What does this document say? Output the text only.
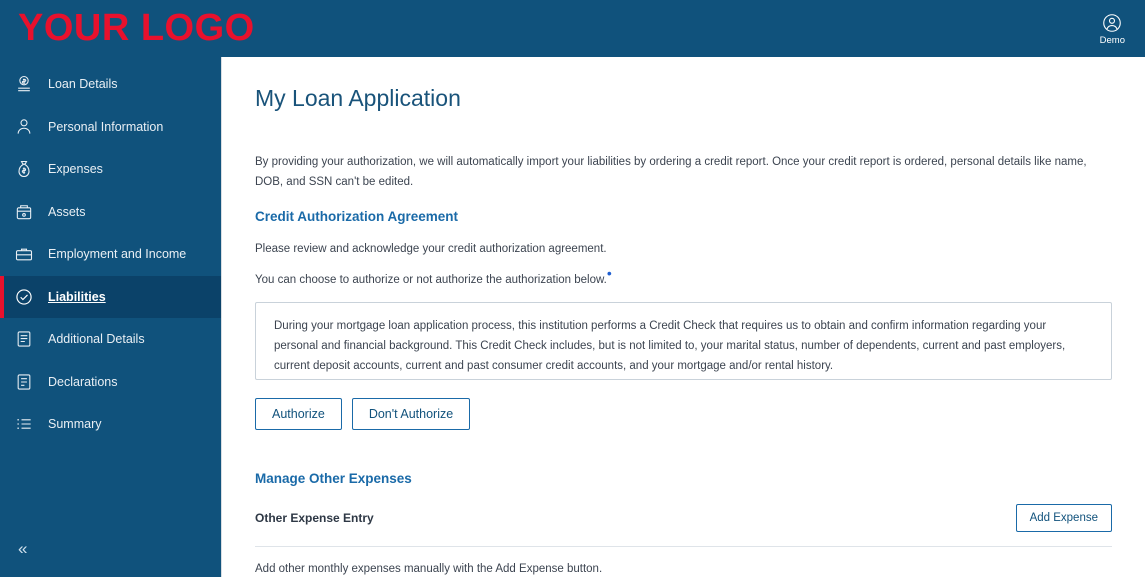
YOUR LOGO
Loan Details
Personal Information
Expenses
Assets
Employment and Income
Liabilities
Additional Details
Declarations
Summary
«
Demo
My Loan Application

By providing your authorization, we will automatically import your liabilities by ordering a credit report. Once your credit report is ordered, personal details like name, DOB, and SSN can't be edited.

Credit Authorization Agreement

Please review and acknowledge your credit authorization agreement.

You can choose to authorize or not authorize the authorization below.•

During your mortgage loan application process, this institution performs a Credit Check that requires us to obtain and confirm information regarding your personal and financial background. This Credit Check includes, but is not limited to, your marital status, number of dependents, current and past employers, current deposit accounts, current and past consumer credit accounts, and your mortgage and/or rental history.
Authorize	Don't Authorize
Manage Other Expenses
Other Expense Entry	Add Expense

Add other monthly expenses manually with the Add Expense button.
